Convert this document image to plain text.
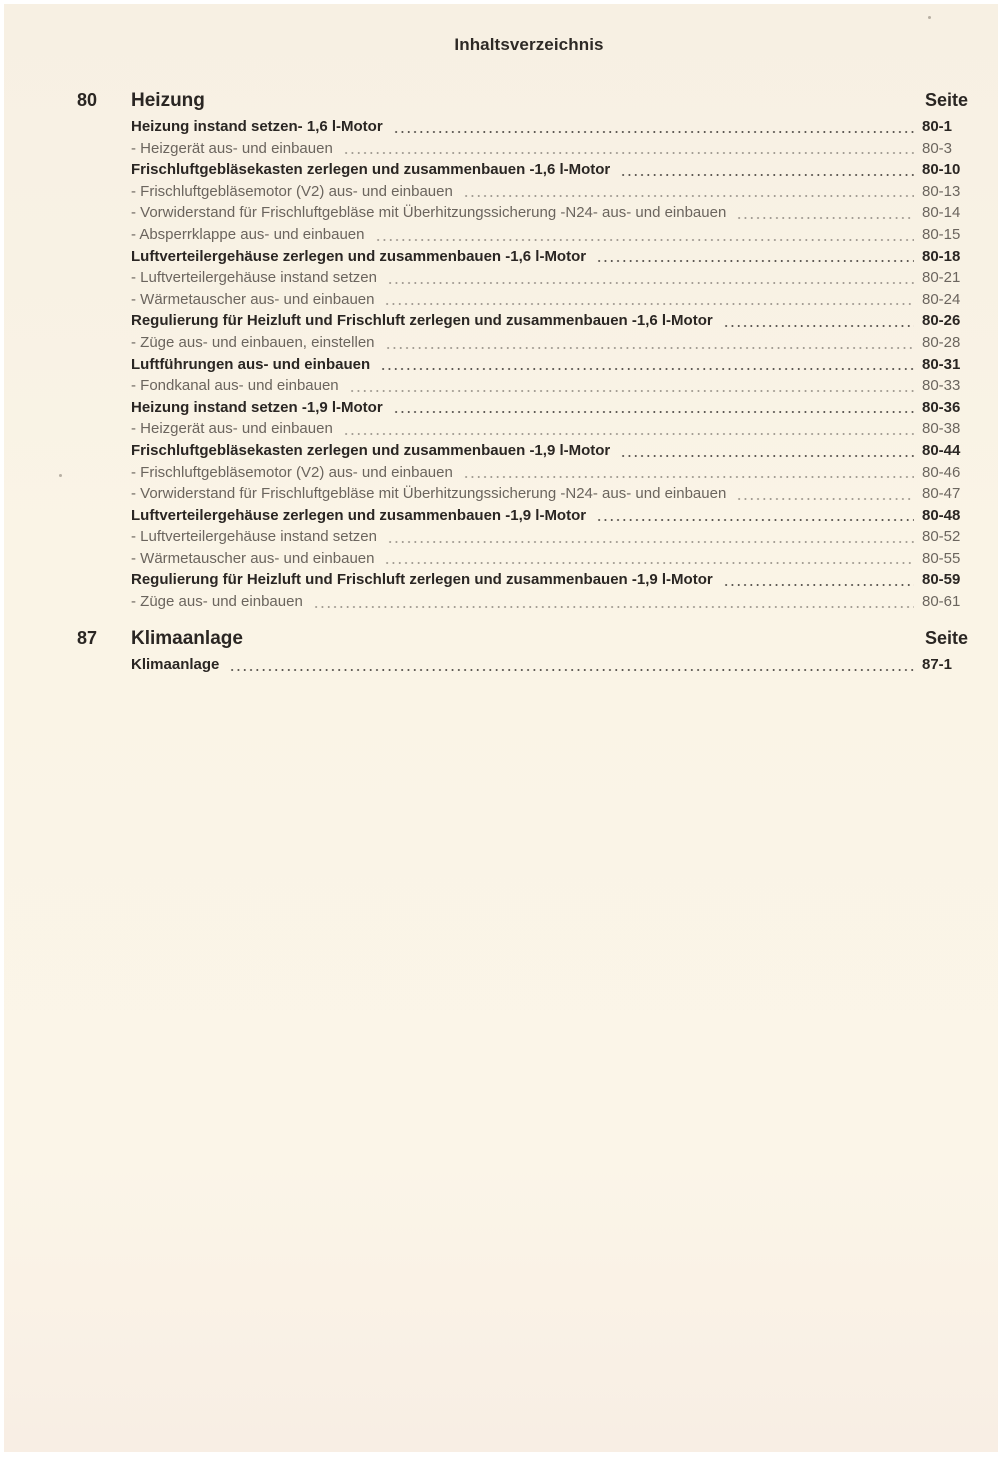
Inhaltsverzeichnis
80 Heizung	Seite
Heizung instand setzen- 1,6 l-Motor	80-1
- Heizgerät aus- und einbauen	80-3
Frischluftgebläsekasten zerlegen und zusammenbauen -1,6 l-Motor	80-10
- Frischluftgebläsemotor (V2) aus- und einbauen	80-13
- Vorwiderstand für Frischluftgebläse mit Überhitzungssicherung -N24- aus- und einbauen	80-14
- Absperrklappe aus- und einbauen	80-15
Luftverteilergehäuse zerlegen und zusammenbauen -1,6 l-Motor	80-18
- Luftverteilergehäuse instand setzen	80-21
- Wärmetauscher aus- und einbauen	80-24
Regulierung für Heizluft und Frischluft zerlegen und zusammenbauen -1,6 l-Motor	80-26
- Züge aus- und einbauen, einstellen	80-28
Luftführungen aus- und einbauen	80-31
- Fondkanal aus- und einbauen	80-33
Heizung instand setzen -1,9 l-Motor	80-36
- Heizgerät aus- und einbauen	80-38
Frischluftgebläsekasten zerlegen und zusammenbauen -1,9 l-Motor	80-44
- Frischluftgebläsemotor (V2) aus- und einbauen	80-46
- Vorwiderstand für Frischluftgebläse mit Überhitzungssicherung -N24- aus- und einbauen	80-47
Luftverteilergehäuse zerlegen und zusammenbauen -1,9 l-Motor	80-48
- Luftverteilergehäuse instand setzen	80-52
- Wärmetauscher aus- und einbauen	80-55
Regulierung für Heizluft und Frischluft zerlegen und zusammenbauen -1,9 l-Motor	80-59
- Züge aus- und einbauen	80-61
87 Klimaanlage	Seite
Klimaanlage	87-1
